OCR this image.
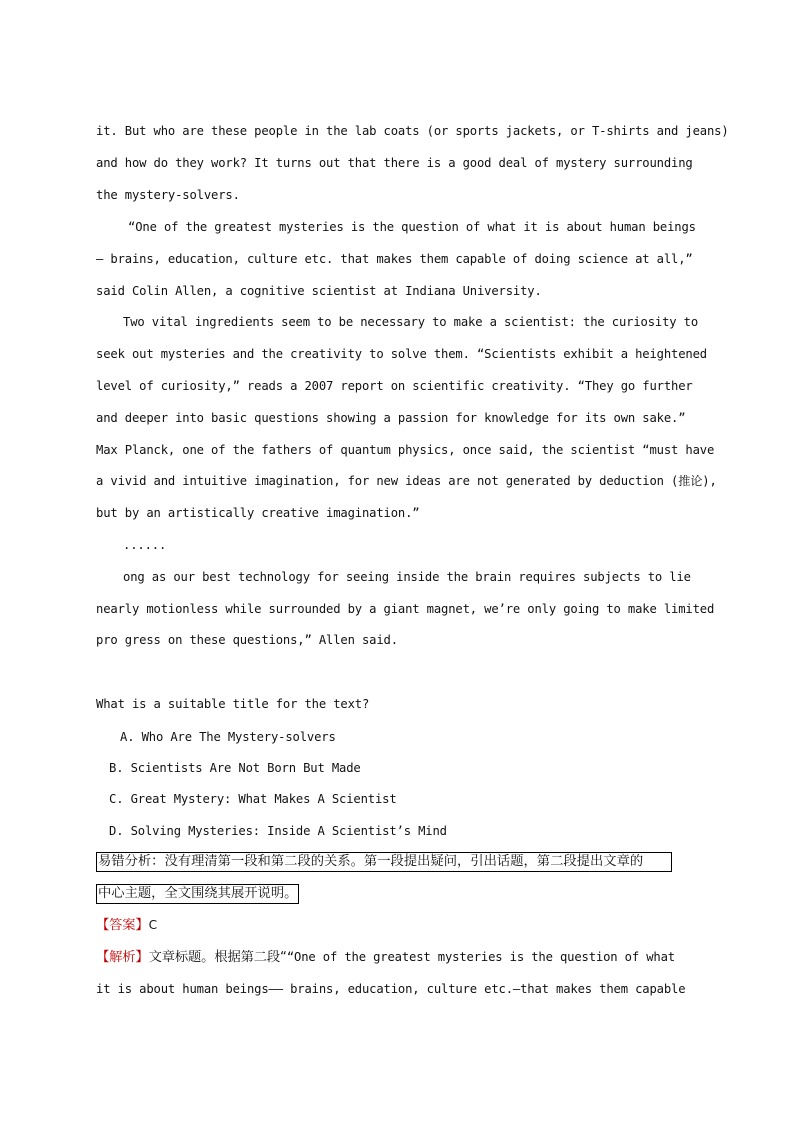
it. But who are these people in the lab coats (or sports jackets, or T-shirts and jeans)
and how do they work? It turns out that there is a good deal of mystery surrounding
the mystery-solvers.
“One of the greatest mysteries is the question of what it is about human beings
— brains, education, culture etc. that makes them capable of doing science at all,”
said Colin Allen, a cognitive scientist at Indiana University.
Two vital ingredients seem to be necessary to make a scientist: the curiosity to
seek out mysteries and the creativity to solve them. “Scientists exhibit a heightened
level of curiosity,” reads a 2007 report on scientific creativity. “They go further
and deeper into basic questions showing a passion for knowledge for its own sake.”
Max Planck, one of the fathers of quantum physics, once said, the scientist “must have
a vivid and intuitive imagination, for new ideas are not generated by deduction (推论),
but by an artistically creative imagination.”
......
ong as our best technology for seeing inside the brain requires subjects to lie
nearly motionless while surrounded by a giant magnet, we’re only going to make limited
pro gress on these questions,” Allen said.
What is a suitable title for the text?
A. Who Are The Mystery-solvers
B. Scientists Are Not Born But Made
C. Great Mystery: What Makes A Scientist
D. Solving Mysteries: Inside A Scientist’s Mind
易错分析：没有理清第一段和第二段的关系。第一段提出疑问，引出话题，第二段提出文章的
中心主题，全文围绕其展开说明。
【答案】C
【解析】文章标题。根据第二段““One of the greatest mysteries is the question of what
it is about human beings—— brains, education, culture etc.—that makes them capable
